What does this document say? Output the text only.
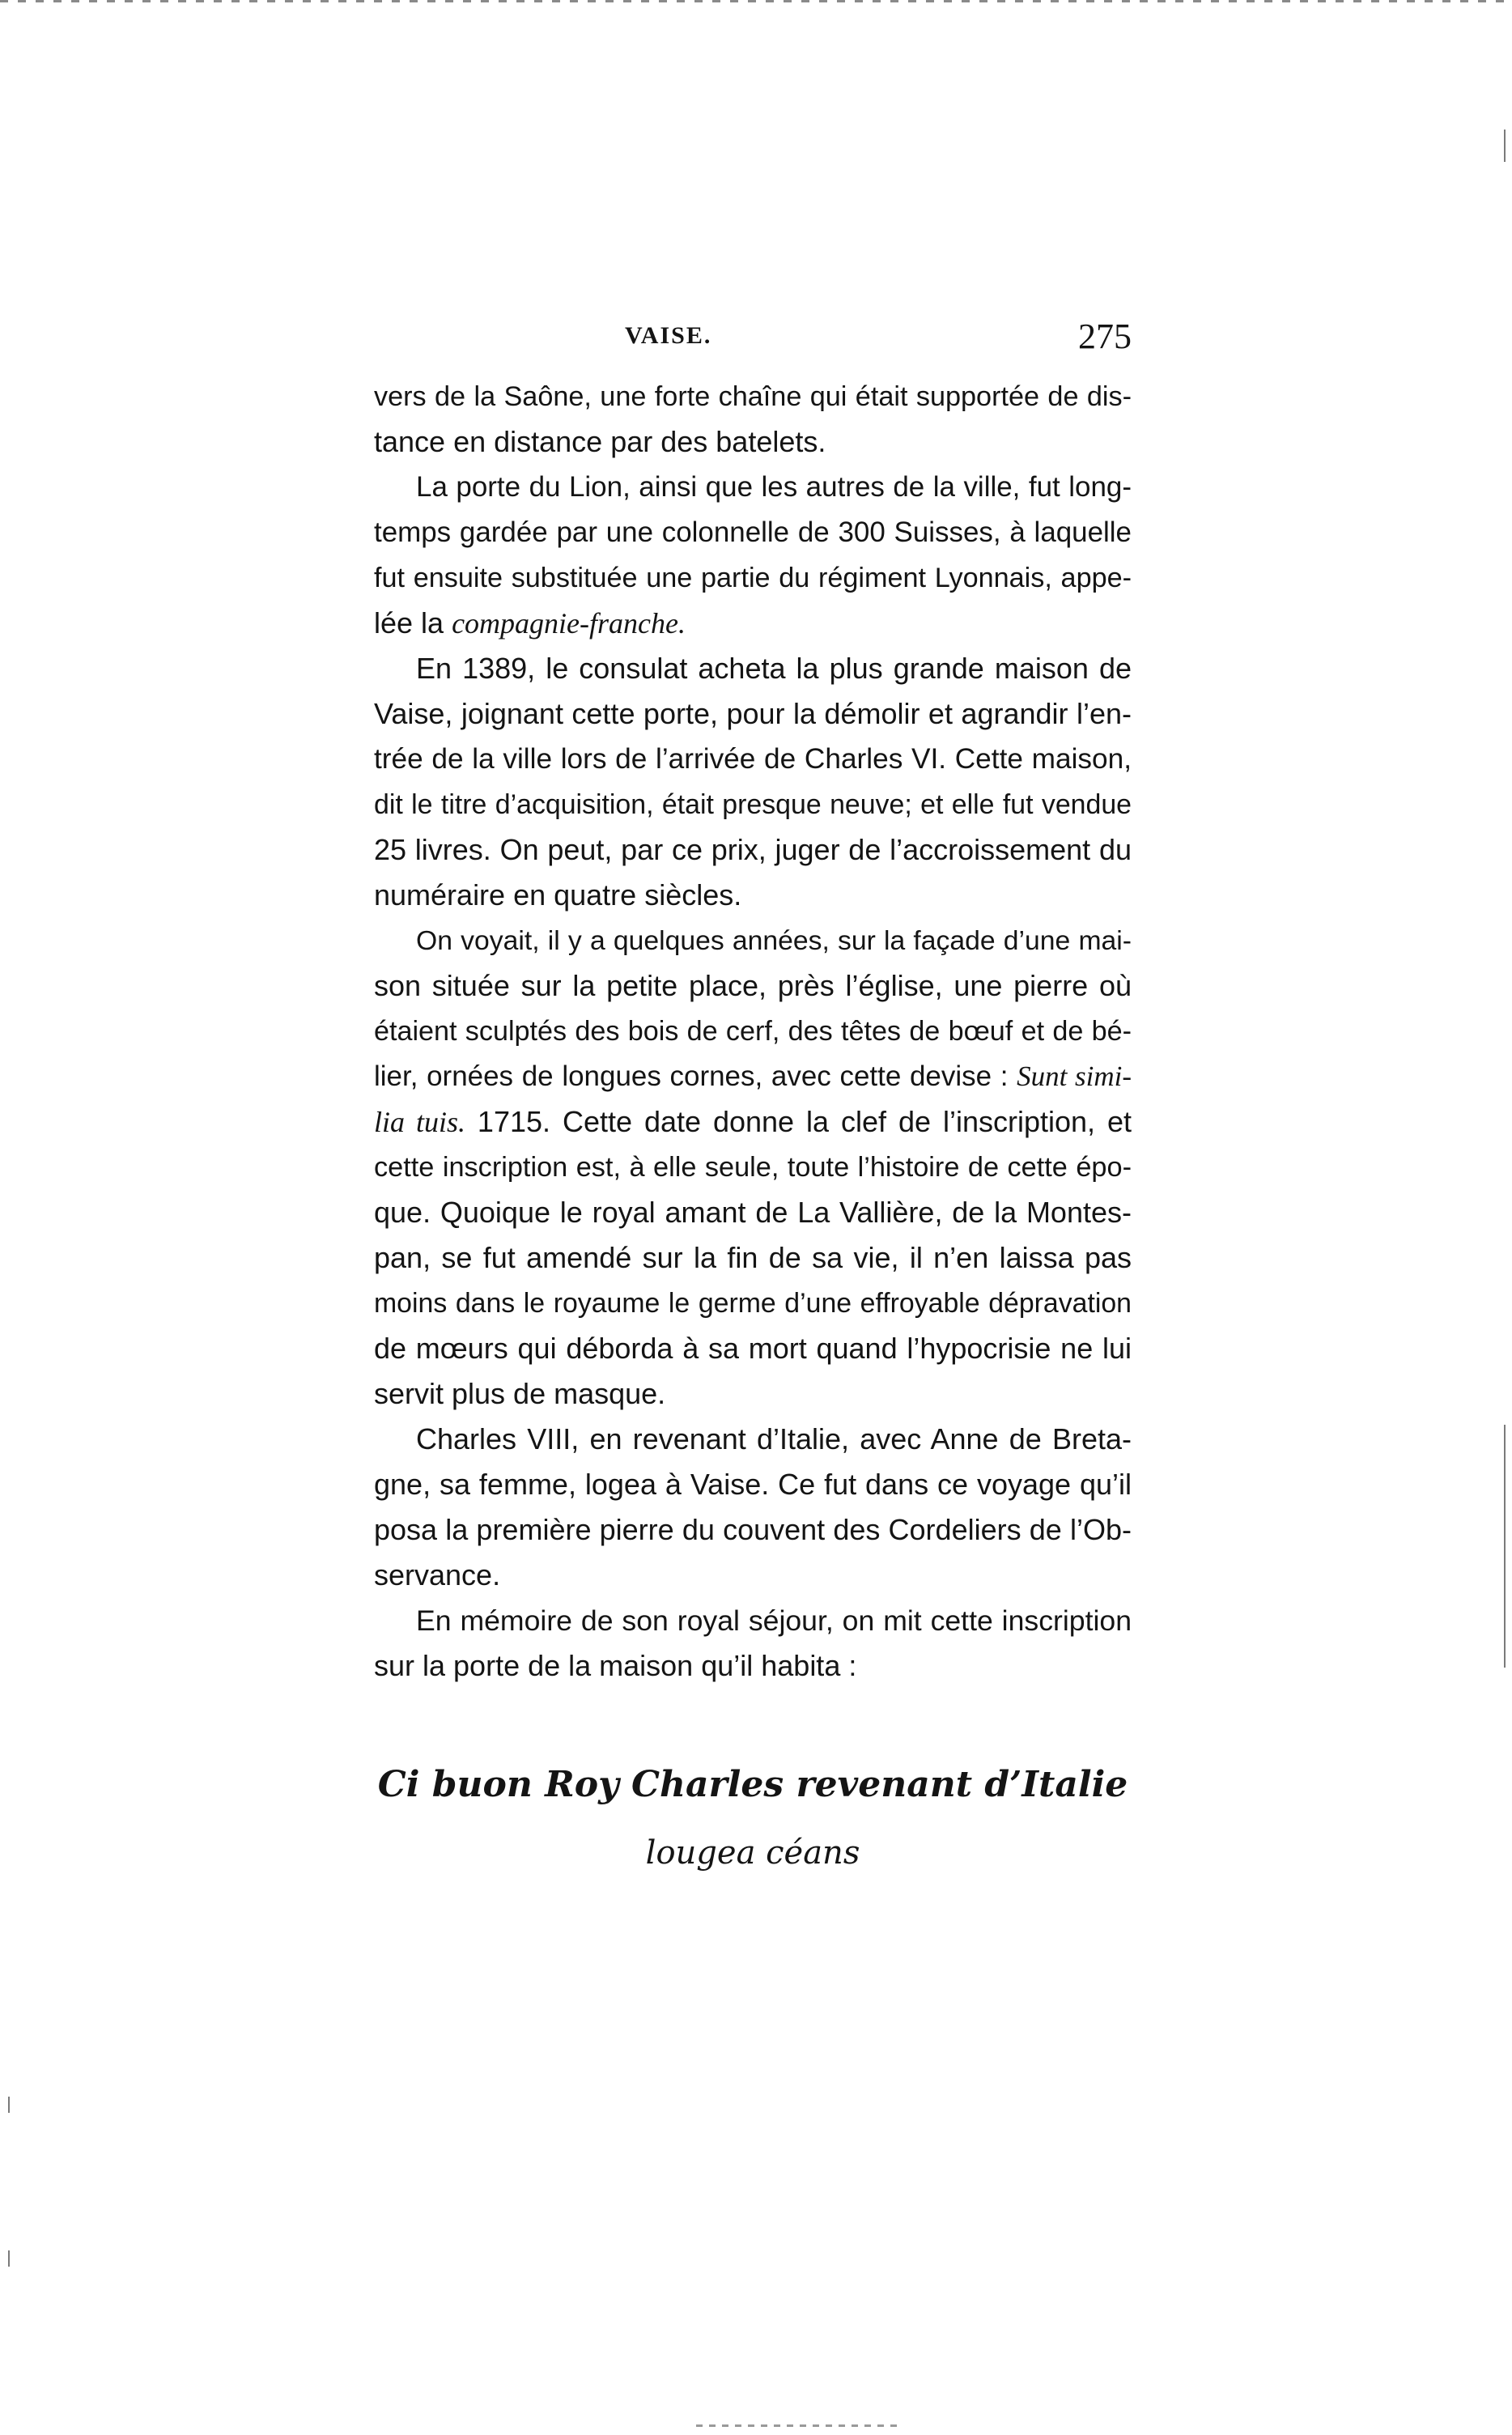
VAISE.	275
vers de la Saône, une forte chaîne qui était supportée de dis-
tance en distance par des batelets.
La porte du Lion, ainsi que les autres de la ville, fut long-
temps gardée par une colonnelle de 300 Suisses, à laquelle
fut ensuite substituée une partie du régiment Lyonnais, appe-
lée la compagnie-franche.
En 1389, le consulat acheta la plus grande maison de
Vaise, joignant cette porte, pour la démolir et agrandir l’en-
trée de la ville lors de l’arrivée de Charles VI. Cette maison,
dit le titre d’acquisition, était presque neuve; et elle fut vendue
25 livres. On peut, par ce prix, juger de l’accroissement du
numéraire en quatre siècles.
On voyait, il y a quelques années, sur la façade d’une mai-
son située sur la petite place, près l’église, une pierre où
étaient sculptés des bois de cerf, des têtes de bœuf et de bé-
lier, ornées de longues cornes, avec cette devise : Sunt simi-
lia tuis. 1715. Cette date donne la clef de l’inscription, et
cette inscription est, à elle seule, toute l’histoire de cette épo-
que. Quoique le royal amant de La Vallière, de la Montes-
pan, se fut amendé sur la fin de sa vie, il n’en laissa pas
moins dans le royaume le germe d’une effroyable dépravation
de mœurs qui déborda à sa mort quand l’hypocrisie ne lui
servit plus de masque.
Charles VIII, en revenant d’Italie, avec Anne de Breta-
gne, sa femme, logea à Vaise. Ce fut dans ce voyage qu’il
posa la première pierre du couvent des Cordeliers de l’Ob-
servance.
En mémoire de son royal séjour, on mit cette inscription
sur la porte de la maison qu’il habita :
Ci buon Roy Charles revenant d’Italie
lougea céans
